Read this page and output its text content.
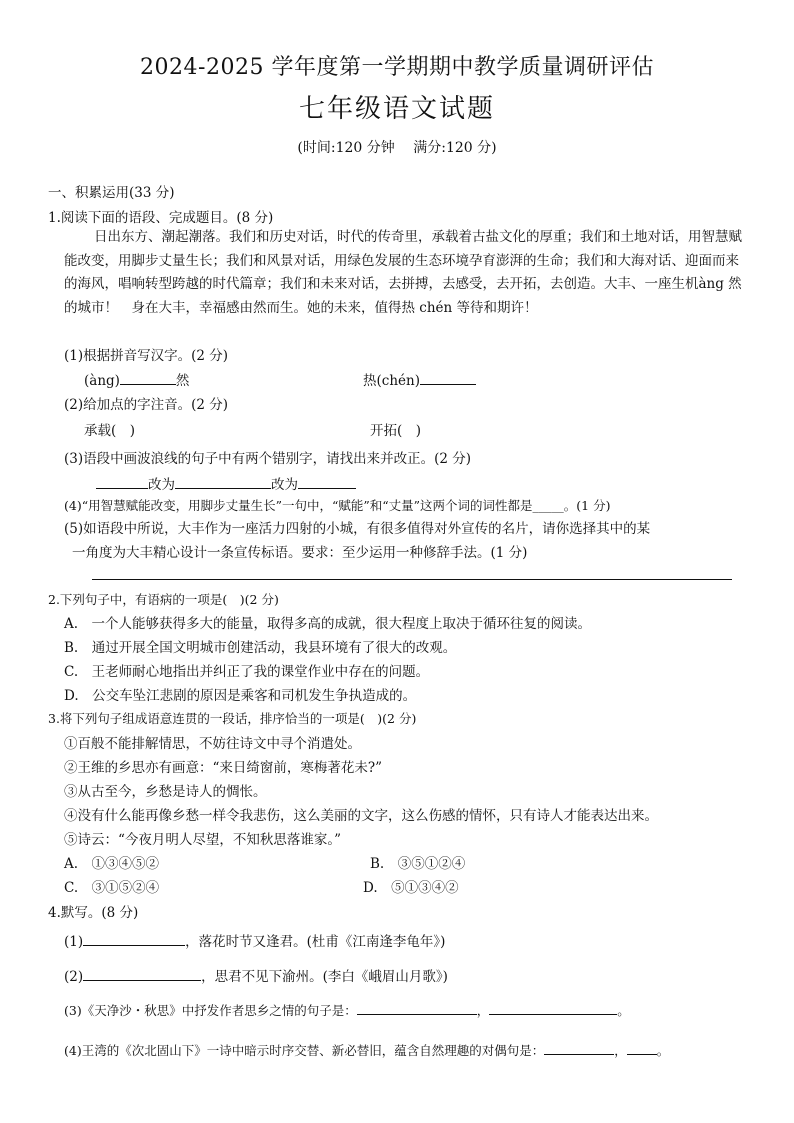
2024-2025 学年度第一学期期中教学质量调研评估
七年级语文试题
(时间:120 分钟　 满分:120 分)
一、积累运用(33 分)
1.阅读下面的语段、完成题目。(8 分)
日出东方、潮起潮落。我们和历史对话，时代的传奇里，承载着古盐文化的厚重；我们和土地对话，用智慧赋能改变，用脚步丈量生长；我们和风景对话，用绿色发展的生态环境孕育澎湃的生命；我们和大海对话、迎面而来的海风，唱响转型跨越的时代篇章；我们和未来对话，去拼搏，去感受，去开拓，去创造。大丰、一座生机àng 然的城市！　身在大丰，幸福感由然而生。她的未来，值得热 chén 等待和期许！
(1)根据拼音写汉字。(2 分)
(àng)	然	热(chén)
(2)给加点的字注音。(2 分)
承载(　)	开拓(　)
(3)语段中画波浪线的句子中有两个错别字，请找出来并改正。(2 分)
改为	改为
(4)“用智慧赋能改变，用脚步丈量生长”一句中，“赋能”和“丈量”这两个词的词性都是_____。(1 分)
(5)如语段中所说，大丰作为一座活力四射的小城，有很多值得对外宣传的名片，请你选择其中的某
一角度为大丰精心设计一条宣传标语。要求：至少运用一种修辞手法。(1 分)
2.下列句子中，有语病的一项是(　)(2 分)
A.　一个人能够获得多大的能量，取得多高的成就，很大程度上取决于循环往复的阅读。
B.　通过开展全国文明城市创建活动，我县环境有了很大的改观。
C.　王老师耐心地指出并纠正了我的课堂作业中存在的问题。
D.　公交车坠江悲剧的原因是乘客和司机发生争执造成的。
3.将下列句子组成语意连贯的一段话，排序恰当的一项是(　)(2 分)
①百般不能排解情思，不妨往诗文中寻个消遣处。
②王维的乡思亦有画意：“来日绮窗前，寒梅著花未?”
③从古至今，乡愁是诗人的惆怅。
④没有什么能再像乡愁一样令我悲伤，这么美丽的文字，这么伤感的情怀，只有诗人才能表达出来。
⑤诗云：“今夜月明人尽望，不知秋思落谁家。”
A.　①③④⑤②	B.　③⑤①②④
C.　③①⑤②④	D.　⑤①③④②
4.默写。(8 分)
(1)	，落花时节又逢君。(杜甫《江南逢李龟年》)
(2)	，思君不见下渝州。(李白《峨眉山月歌》)
(3)《天净沙・秋思》中抒发作者思乡之情的句子是：	，	。
(4)王湾的《次北固山下》一诗中暗示时序交替、新必替旧，蕴含自然理趣的对偶句是：	， 。
